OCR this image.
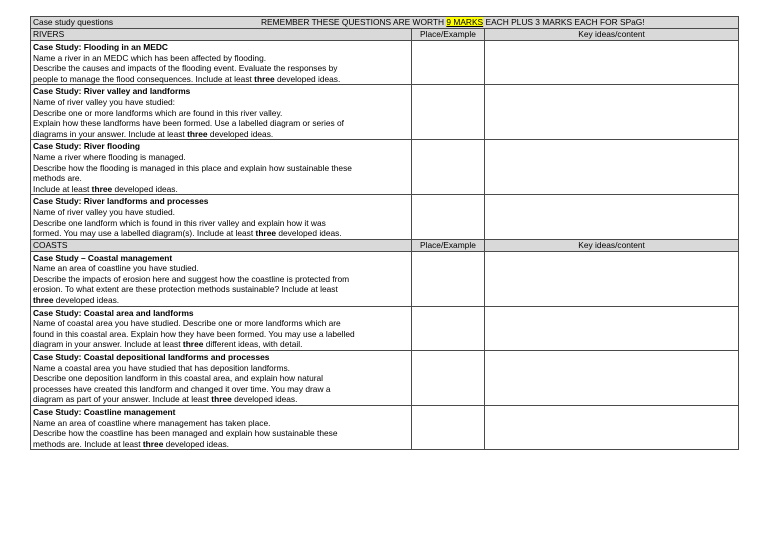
Case study questions REMEMBER THESE QUESTIONS ARE WORTH 9 MARKS EACH PLUS 3 MARKS EACH FOR SPaG!		

RIVERS	Place/Example	Key ideas/content

Case Study: Flooding in an MEDC
Name a river in an MEDC which has been affected by flooding.
Describe the causes and impacts of the flooding event. Evaluate the responses by
people to manage the flood consequences. Include at least three developed ideas.		

Case Study: River valley and landforms
Name of river valley you have studied:
Describe one or more landforms which are found in this river valley.
Explain how these landforms have been formed. Use a labelled diagram or series of
diagrams in your answer. Include at least three developed ideas.		

Case Study: River flooding
Name a river where flooding is managed.
Describe how the flooding is managed in this place and explain how sustainable these
methods are.
Include at least three developed ideas.		

Case Study: River landforms and processes
Name of river valley you have studied.
Describe one landform which is found in this river valley and explain how it was
formed. You may use a labelled diagram(s). Include at least three developed ideas.		

COASTS	Place/Example	Key ideas/content

Case Study – Coastal management
Name an area of coastline you have studied.
Describe the impacts of erosion here and suggest how the coastline is protected from
erosion. To what extent are these protection methods sustainable? Include at least
three developed ideas.		

Case Study: Coastal area and landforms
Name of coastal area you have studied. Describe one or more landforms which are
found in this coastal area. Explain how they have been formed. You may use a labelled
diagram in your answer. Include at least three different ideas, with detail.		

Case Study: Coastal depositional landforms and processes
Name a coastal area you have studied that has deposition landforms.
Describe one deposition landform in this coastal area, and explain how natural
processes have created this landform and changed it over time. You may draw a
diagram as part of your answer. Include at least three developed ideas.		

Case Study: Coastline management
Name an area of coastline where management has taken place.
Describe how the coastline has been managed and explain how sustainable these
methods are. Include at least three developed ideas.		
